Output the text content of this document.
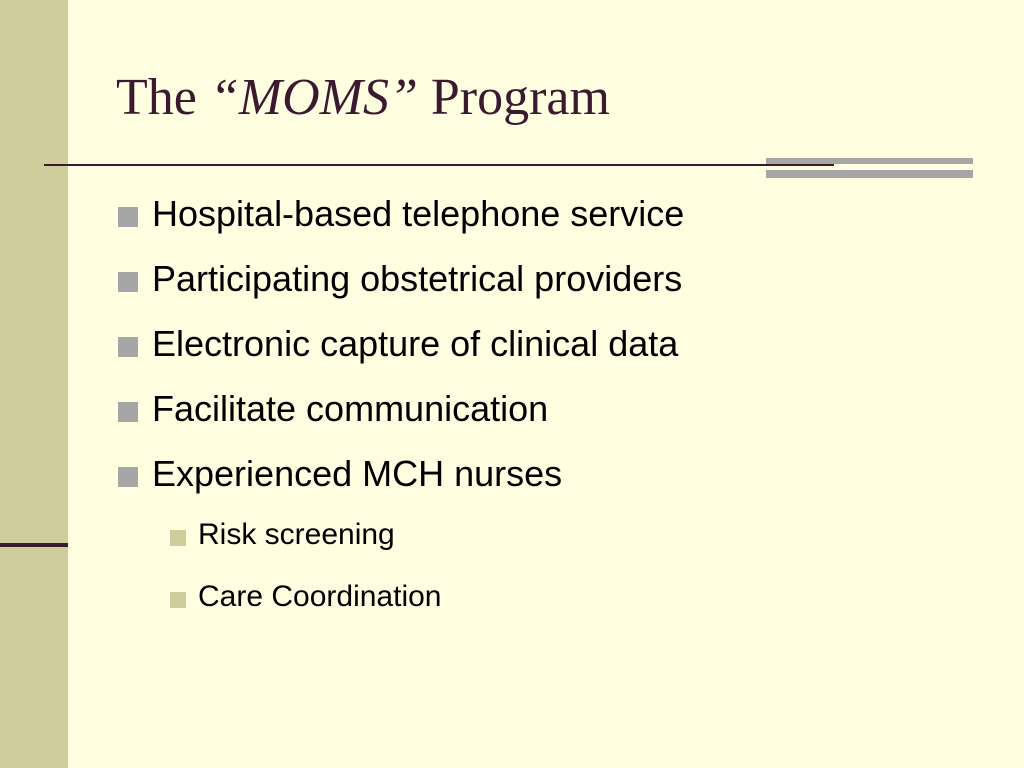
The “MOMS” Program
Hospital-based telephone service
Participating obstetrical providers
Electronic capture of clinical data
Facilitate communication
Experienced MCH nurses
Risk screening
Care Coordination
